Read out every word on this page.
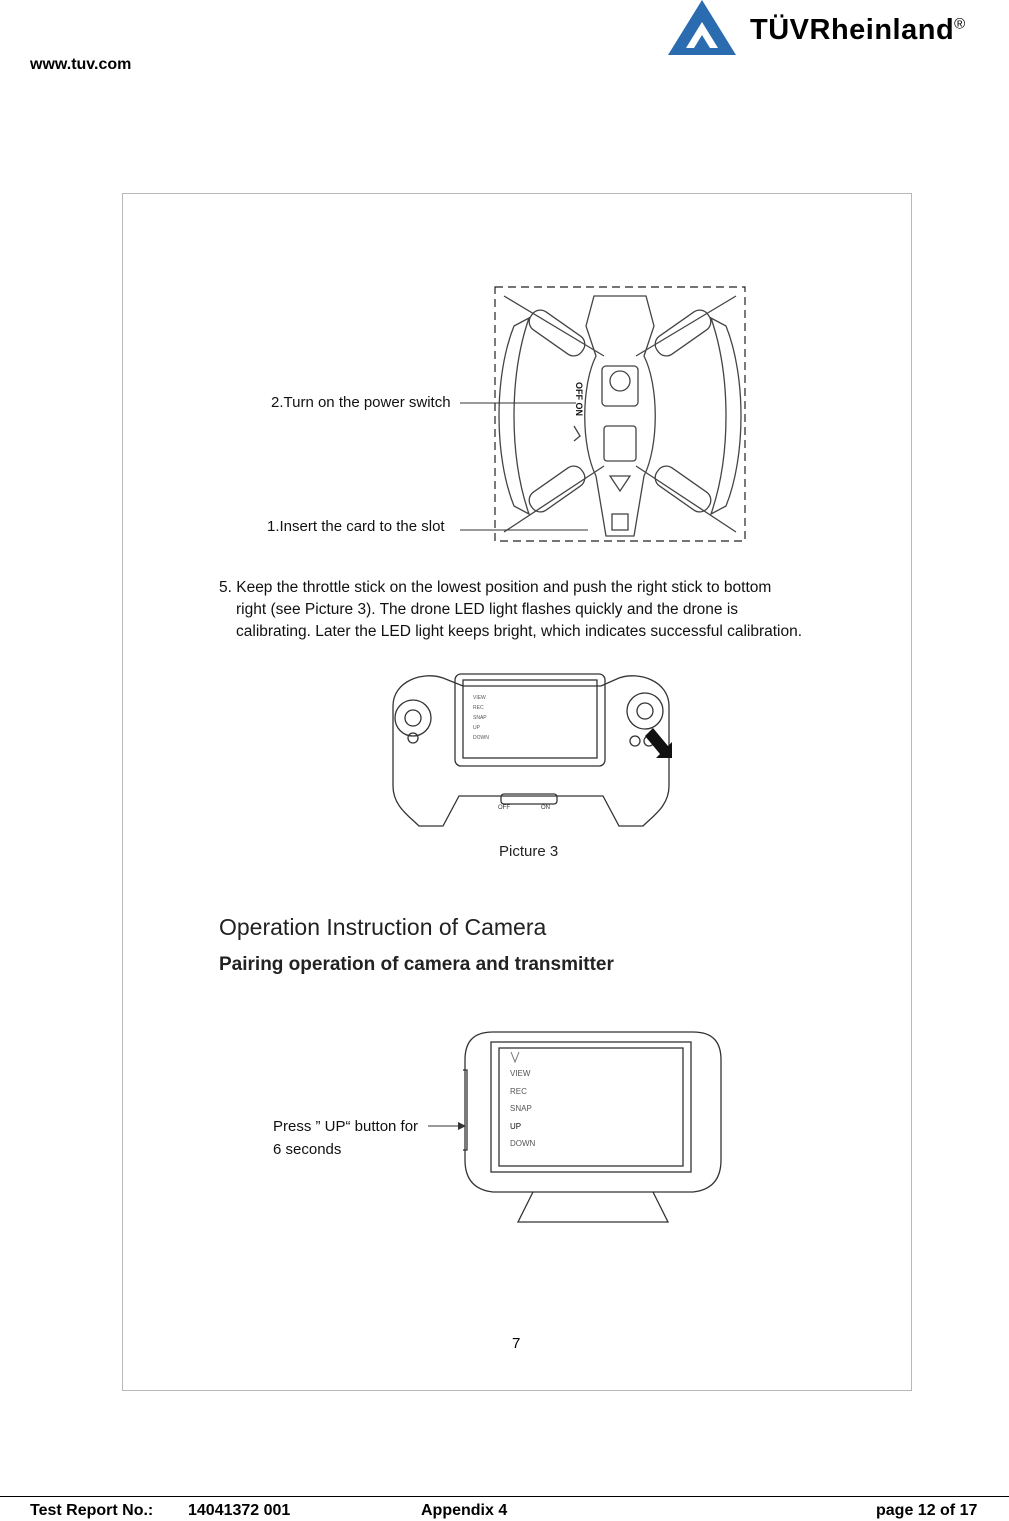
www.tuv.com
TÜVRheinland®
OFF ON
2.Turn on the power switch
1.Insert the card to the slot
5. Keep the throttle stick on the lowest position and push the right stick to bottom

right (see Picture 3). The drone LED light flashes quickly and the drone is
calibrating. Later the LED light keeps bright, which indicates successful calibration.
VIEW
REC
SNAP
UP
DOWN
OFF	ON
Picture 3
Operation Instruction of Camera
Pairing operation of camera and transmitter
VIEW
REC
SNAP
UP
DOWN
Press ” UP“ button for
6 seconds
7
Test Report No.: 14041372 001	Appendix 4	page 12 of 17
